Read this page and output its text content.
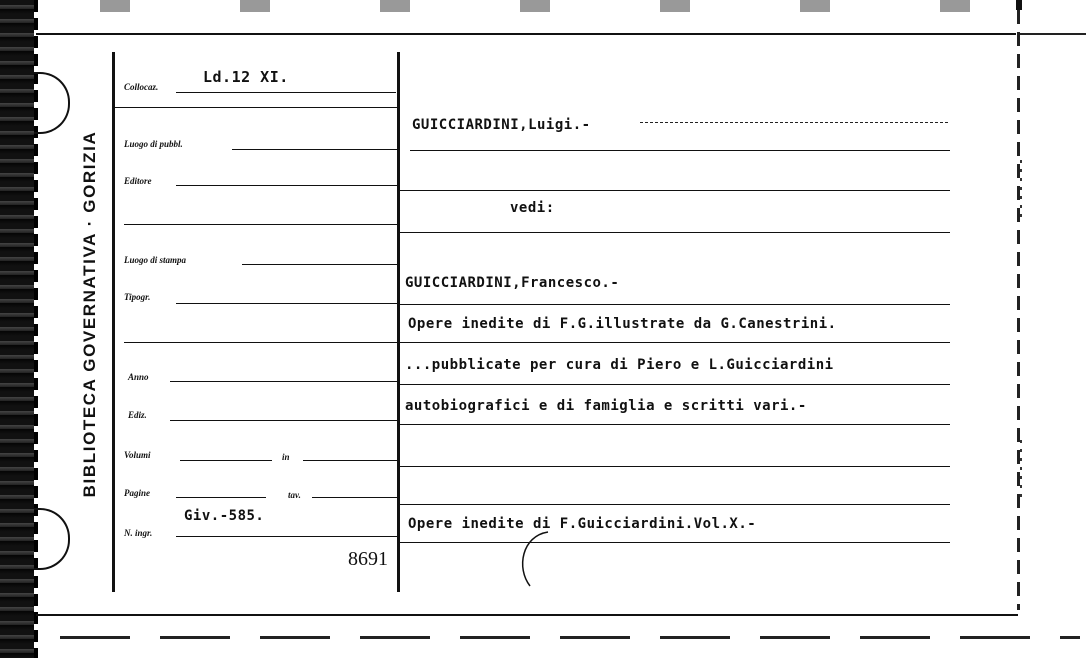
BIBLIOTECA GOVERNATIVA · GORIZIA
Collocaz.
Ld.12 XI.
Luogo di pubbl.
Editore
Luogo di stampa
Tipogr.
Anno
Ediz.
Volumi	in
Pagine	tav.
N. ingr.
Giv.-585.
8691
GUICCIARDINI,Luigi.-
vedi:
GUICCIARDINI,Francesco.-
Opere inedite di F.G.illustrate da G.Canestrini.
...pubblicate per cura di Piero e L.Guicciardini
autobiografici e di famiglia e scritti vari.-
Opere inedite di F.Guicciardini.Vol.X.-
